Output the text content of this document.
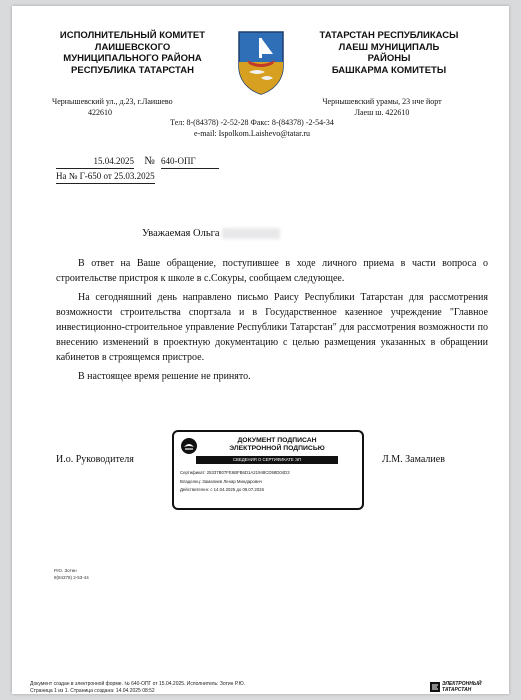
ИСПОЛНИТЕЛЬНЫЙ КОМИТЕТ
ЛАИШЕВСКОГО
МУНИЦИПАЛЬНОГО РАЙОНА
РЕСПУБЛИКА ТАТАРСТАН
ТАТАРСТАН РЕСПУБЛИКАСЫ
ЛАЕШ МУНИЦИПАЛЬ
РАЙОНЫ
БАШКАРМА КОМИТЕТЫ
Чернышевский ул., д.23, г.Лаишево
422610
Чернышевский урамы, 23 нче йорт
Лаеш ш. 422610
Тел: 8-(84378) -2-52-28 Факс: 8-(84378) -2-54-34
e-mail: Ispolkom.Laishevo@tatar.ru
15.04.2025 № 640-ОПГ
На № Г-650 от 25.03.2025
Уважаемая Ольга

В ответ на Ваше обращение, поступившее в ходе личного приема в части вопроса о строительстве пристроя к школе в с.Сокуры, сообщаем следующее.

На сегодняшний день направлено письмо Раису Республики Татарстан для рассмотрения возможности строительства спортзала и в Государственное казенное учреждение "Главное инвестиционно-строительное управление Республики Татарстан" для рассмотрения возможности по внесению изменений в проектную документацию с целью размещения указанных в обращении кабинетов в строящемся пристрое.

В настоящее время решение не принято.

И.о. Руководителя	Л.М. Замалиев
ДОКУМЕНТ ПОДПИСАН
ЭЛЕКТРОННОЙ ПОДПИСЬЮ
СВЕДЕНИЯ О СЕРТИФИКАТЕ ЭП
Сертификат: 25337B07FE6BFB6D1A21948CD58D04D3
Владелец: Замалиев Ленар Миндарович
Действителен: с 14.04.2025 до 08.07.2026
Р.Ю. Зотин
8(84378) 2-53-44
Документ создан в электронной форме. № 640-ОПГ от 15.04.2025. Исполнитель: Зотин Р.Ю.
Страница 1 из 1. Страница создана: 14.04.2025 08:52
ЭЛЕКТРОННЫЙ
ТАТАРСТАН
